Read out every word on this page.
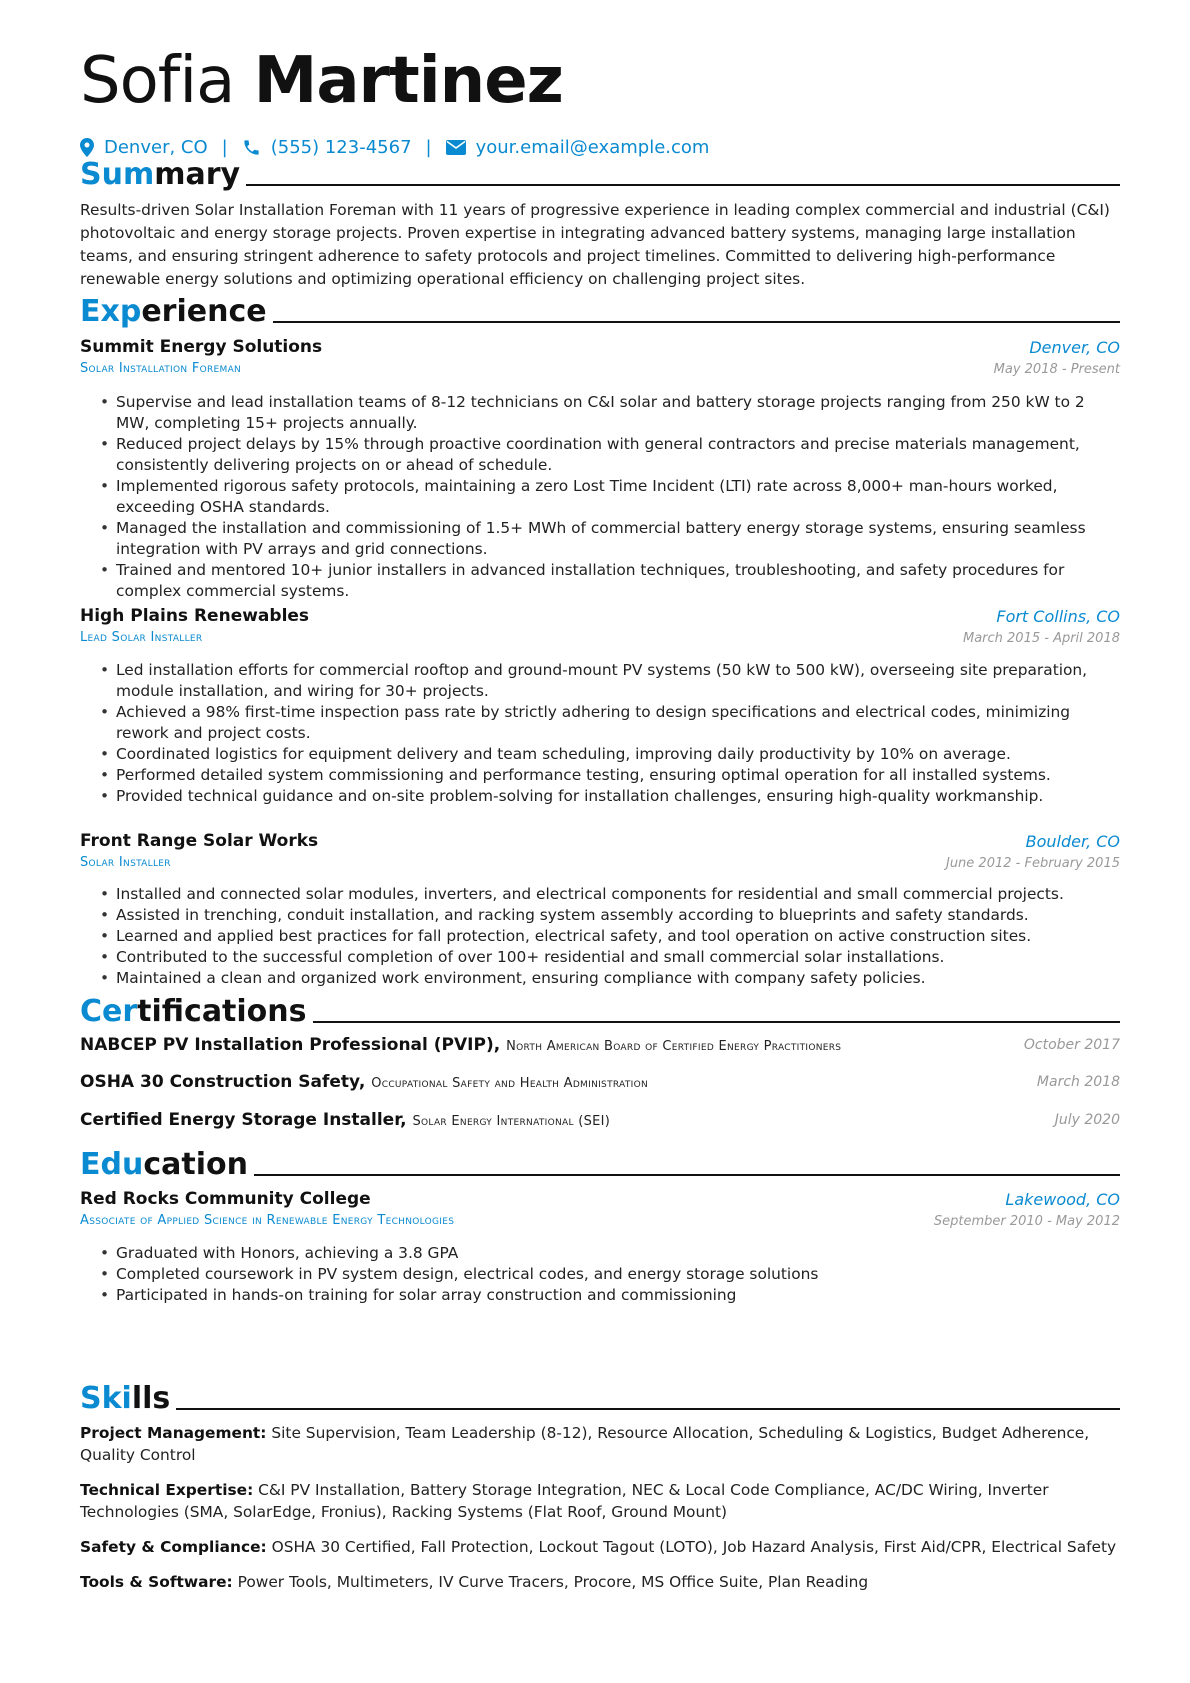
Sofia Martinez
Denver, CO | (555) 123-4567 | your.email@example.com
Summary
Results-driven Solar Installation Foreman with 11 years of progressive experience in leading complex commercial and industrial (C&I) photovoltaic and energy storage projects. Proven expertise in integrating advanced battery systems, managing large installation teams, and ensuring stringent adherence to safety protocols and project timelines. Committed to delivering high-performance renewable energy solutions and optimizing operational efficiency on challenging project sites.
Experience
Summit Energy Solutions
Solar Installation Foreman
Denver, CO
May 2018 - Present
• Supervise and lead installation teams of 8-12 technicians on C&I solar and battery storage projects ranging from 250 kW to 2 MW, completing 15+ projects annually.
• Reduced project delays by 15% through proactive coordination with general contractors and precise materials management, consistently delivering projects on or ahead of schedule.
• Implemented rigorous safety protocols, maintaining a zero Lost Time Incident (LTI) rate across 8,000+ man-hours worked, exceeding OSHA standards.
• Managed the installation and commissioning of 1.5+ MWh of commercial battery energy storage systems, ensuring seamless integration with PV arrays and grid connections.
• Trained and mentored 10+ junior installers in advanced installation techniques, troubleshooting, and safety procedures for complex commercial systems.
High Plains Renewables
Lead Solar Installer
Fort Collins, CO
March 2015 - April 2018
• Led installation efforts for commercial rooftop and ground-mount PV systems (50 kW to 500 kW), overseeing site preparation, module installation, and wiring for 30+ projects.
• Achieved a 98% first-time inspection pass rate by strictly adhering to design specifications and electrical codes, minimizing rework and project costs.
• Coordinated logistics for equipment delivery and team scheduling, improving daily productivity by 10% on average.
• Performed detailed system commissioning and performance testing, ensuring optimal operation for all installed systems.
• Provided technical guidance and on-site problem-solving for installation challenges, ensuring high-quality workmanship.
Front Range Solar Works
Solar Installer
Boulder, CO
June 2012 - February 2015
• Installed and connected solar modules, inverters, and electrical components for residential and small commercial projects.
• Assisted in trenching, conduit installation, and racking system assembly according to blueprints and safety standards.
• Learned and applied best practices for fall protection, electrical safety, and tool operation on active construction sites.
• Contributed to the successful completion of over 100+ residential and small commercial solar installations.
• Maintained a clean and organized work environment, ensuring compliance with company safety policies.
Certifications
NABCEP PV Installation Professional (PVIP), North American Board of Certified Energy Practitioners	October 2017
OSHA 30 Construction Safety, Occupational Safety and Health Administration	March 2018
Certified Energy Storage Installer, Solar Energy International (SEI)	July 2020
Education
Red Rocks Community College
Associate of Applied Science in Renewable Energy Technologies
Lakewood, CO
September 2010 - May 2012
• Graduated with Honors, achieving a 3.8 GPA
• Completed coursework in PV system design, electrical codes, and energy storage solutions
• Participated in hands-on training for solar array construction and commissioning
Skills
Project Management: Site Supervision, Team Leadership (8-12), Resource Allocation, Scheduling & Logistics, Budget Adherence, Quality Control
Technical Expertise: C&I PV Installation, Battery Storage Integration, NEC & Local Code Compliance, AC/DC Wiring, Inverter Technologies (SMA, SolarEdge, Fronius), Racking Systems (Flat Roof, Ground Mount)
Safety & Compliance: OSHA 30 Certified, Fall Protection, Lockout Tagout (LOTO), Job Hazard Analysis, First Aid/CPR, Electrical Safety
Tools & Software: Power Tools, Multimeters, IV Curve Tracers, Procore, MS Office Suite, Plan Reading
